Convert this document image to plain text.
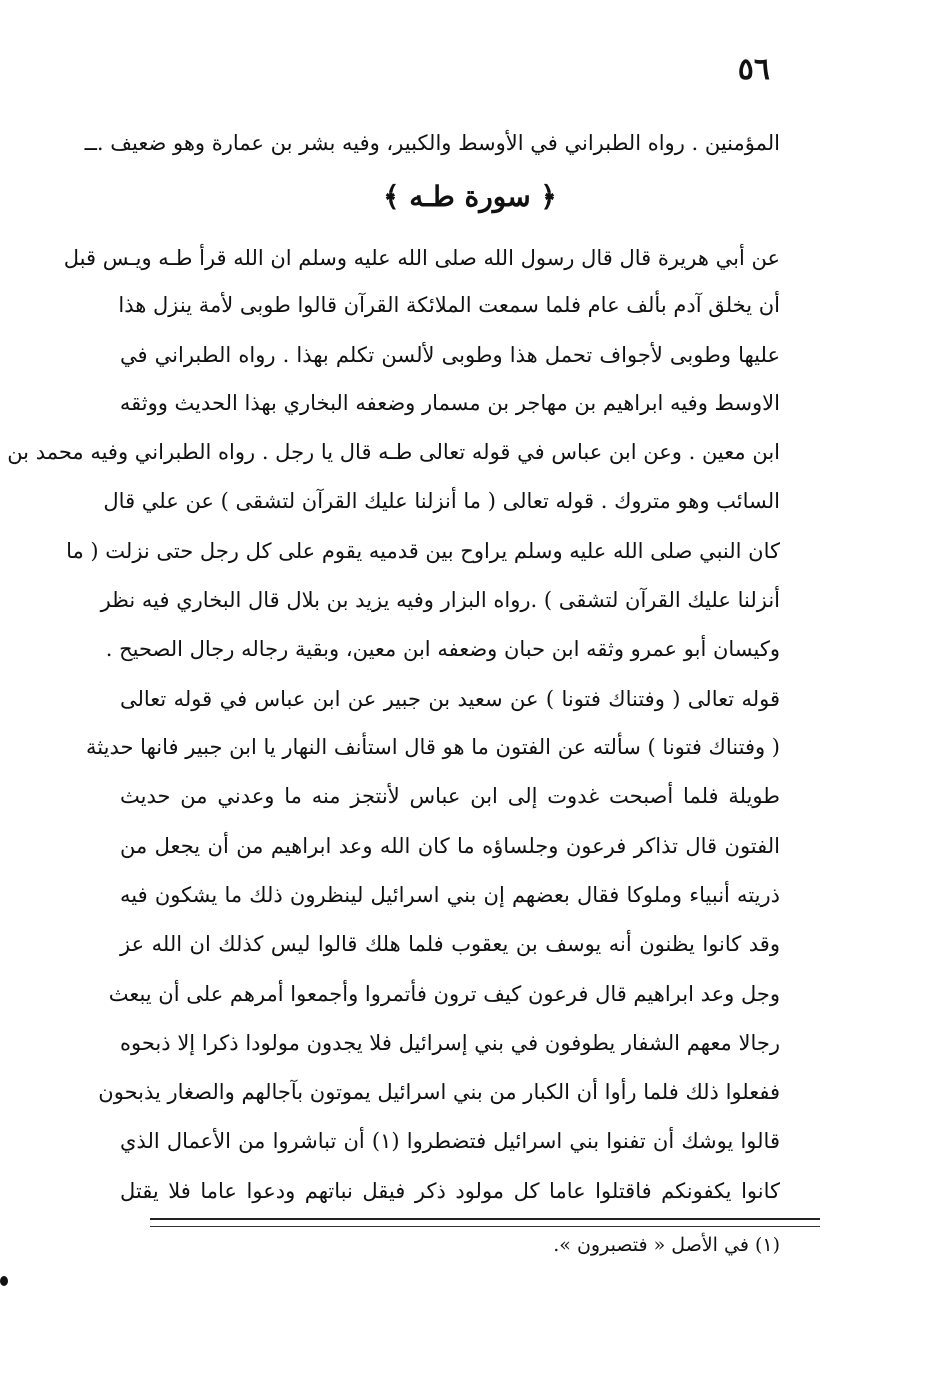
٥٦
المؤمنين . رواه الطبراني في الأوسط والكبير، وفيه بشر بن عمارة وهو ضعيف .ــ
﴿ سورة طـه ﴾
عن أبي هريرة قال قال رسول الله صلى الله عليه وسلم ان الله قرأ طـه ويـس قبل
أن يخلق آدم بألف عام فلما سمعت الملائكة القرآن قالوا طوبى لأمة ينزل هذا
عليها وطوبى لأجواف تحمل هذا وطوبى لألسن تكلم بهذا . رواه الطبراني في
الاوسط وفيه ابراهيم بن مهاجر بن مسمار وضعفه البخاري بهذا الحديث ووثقه
ابن معين . وعن ابن عباس في قوله تعالى طـه قال يا رجل . رواه الطبراني وفيه محمد بن
السائب وهو متروك . قوله تعالى ( ما أنزلنا عليك القرآن لتشقى ) عن علي قال
كان النبي صلى الله عليه وسلم يراوح بين قدميه يقوم على كل رجل حتى نزلت ( ما
أنزلنا عليك القرآن لتشقى ) .رواه البزار وفيه يزيد بن بلال قال البخاري فيه نظر
وكيسان أبو عمرو وثقه ابن حبان وضعفه ابن معين، وبقية رجاله رجال الصحيح .
قوله تعالى ( وفتناك فتونا ) عن سعيد بن جبير عن ابن عباس في قوله تعالى
( وفتناك فتونا ) سألته عن الفتون ما هو قال استأنف النهار يا ابن جبير فانها حديثة
طويلة فلما أصبحت غدوت إلى ابن عباس لأنتجز منه ما وعدني من حديث
الفتون قال تذاكر فرعون وجلساؤه ما كان الله وعد ابراهيم من أن يجعل من
ذريته أنبياء وملوكا فقال بعضهم إن بني اسرائيل لينظرون ذلك ما يشكون فيه
وقد كانوا يظنون أنه يوسف بن يعقوب فلما هلك قالوا ليس كذلك ان الله عز
وجل وعد ابراهيم قال فرعون كيف ترون فأتمروا وأجمعوا أمرهم على أن يبعث
رجالا معهم الشفار يطوفون في بني إسرائيل فلا يجدون مولودا ذكرا إلا ذبحوه
ففعلوا ذلك فلما رأوا أن الكبار من بني اسرائيل يموتون بآجالهم والصغار يذبحون
قالوا يوشك أن تفنوا بني اسرائيل فتضطروا (١) أن تباشروا من الأعمال الذي
كانوا يكفونكم فاقتلوا عاما كل مولود ذكر فيقل نباتهم ودعوا عاما فلا يقتل
(١) في الأصل « فتصبرون ».
